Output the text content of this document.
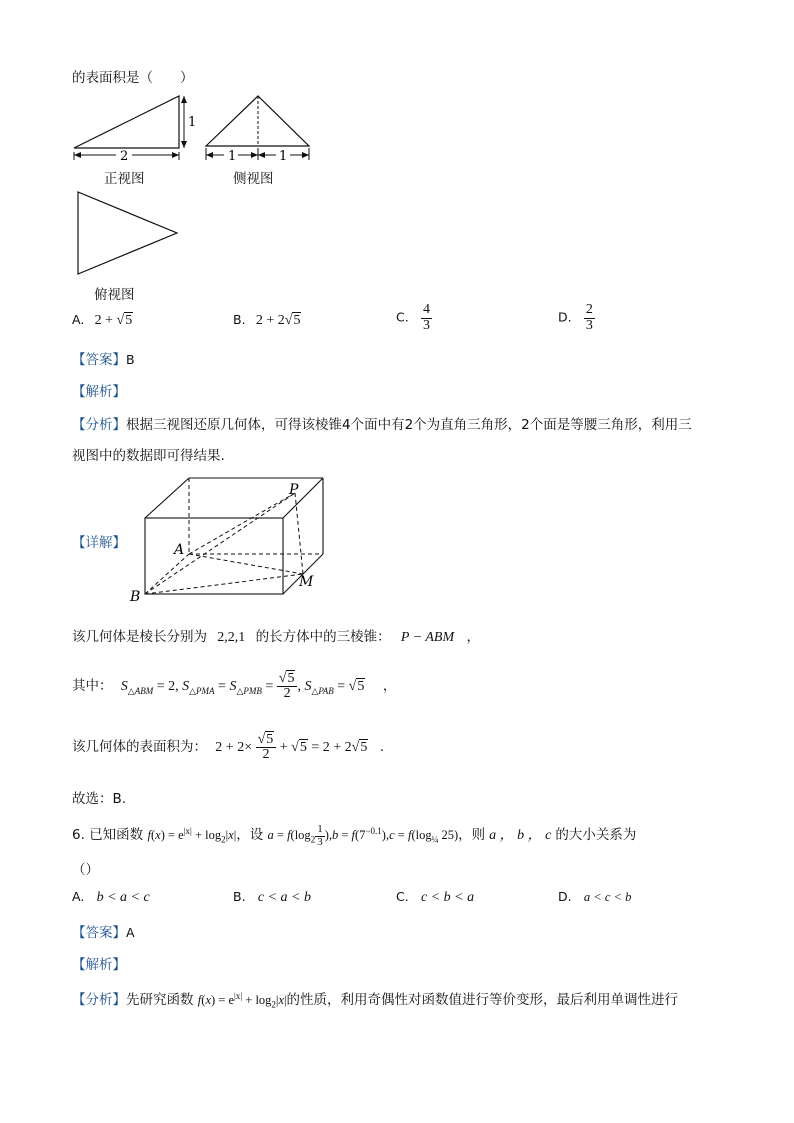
的表面积是（　　）
1
2	1	1
正视图	侧视图
俯视图
A. 2 + √5	B. 2 + 2√5	C. $\frac{4}{3}$	D. $\frac{2}{3}$
【答案】B
【解析】
【分析】根据三视图还原几何体，可得该棱锥4个面中有2个为直角三角形，2个面是等腰三角形，利用三
视图中的数据即可得结果.
【详解】
P
A
B
M
该几何体是棱长分别为 2,2,1 的长方体中的三棱锥： P − ABM ，
其中： $S_{\triangle ABM} = 2$, $S_{\triangle PMA} = S_{\triangle PMB} = \frac{√5}{2}$ , $S_{\triangle PAB} = √5$ ，
该几何体的表面积为： $2 + 2\times \frac{√5}{2} + √5 = 2 + 2√5$ .
故选：B.
6. 已知函数 $f(x) = e^{|x|} + \log_2|x|$，设 $a = f(\log_2 \frac{1}{3} ),b = f(7^{-0.1}),c = f(\log_{\frac{1}{4}}$ 25)，则 a ， b ， c 的大小关系为
（）
A. b < a < c	B. c < a < b	C. c < b < a	D. a < c < b
【答案】A
【解析】
【分析】先研究函数 $f(x) = e^{|x|} + \log_2|x|$的性质，利用奇偶性对函数值进行等价变形，最后利用单调性进行
